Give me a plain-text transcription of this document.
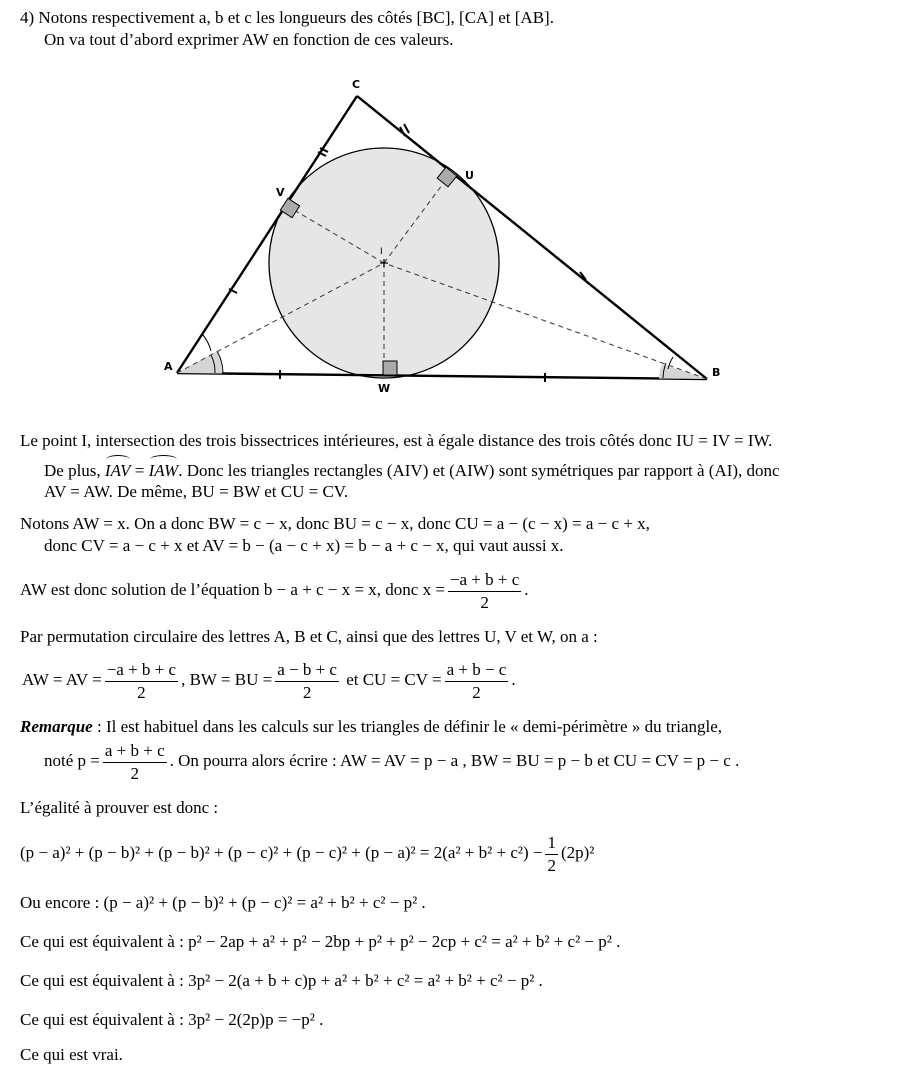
4) Notons respectivement a, b et c les longueurs des côtés [BC], [CA] et [AB].
On va tout d’abord exprimer AW en fonction de ces valeurs.
C
U
V
I
A
W
B
Le point I, intersection des trois bissectrices intérieures, est à égale distance des trois côtés donc IU = IV = IW.
De plus, IAV = IAW. Donc les triangles rectangles (AIV) et (AIW) sont symétriques par rapport à (AI), donc
AV = AW. De même, BU = BW et CU = CV.
Notons AW = x. On a donc BW = c − x, donc BU = c − x, donc CU = a − (c − x) = a − c + x,
donc CV = a − c + x et AV = b − (a − c + x) = b − a + c − x, qui vaut aussi x.
AW est donc solution de l’équation b − a + c − x = x, donc $x = \frac{-a + b + c}{2}$ .
Par permutation circulaire des lettres A, B et C, ainsi que des lettres U, V et W, on a :
AW = AV = $\frac{-a + b + c}{2}$ , BW = BU = $\frac{a - b + c}{2}$ et CU = CV = $\frac{a + b - c}{2}$ .
Remarque : Il est habituel dans les calculs sur les triangles de définir le « demi-périmètre » du triangle,
noté $p = \frac{a + b + c}{2}$ . On pourra alors écrire : AW = AV = p − a , BW = BU = p − b et CU = CV = p − c .
L’égalité à prouver est donc :
$(p - a)^2 + (p - b)^2 + (p - b)^2 + (p - c)^2 + (p - c)^2 + (p - a)^2 = 2(a^2 + b^2 + c^2) - \frac{1}{2} (2p)^2$
Ou encore : (p − a)² + (p − b)² + (p − c)² = a² + b² + c² − p² .
Ce qui est équivalent à : p² − 2ap + a² + p² − 2bp + p² + p² − 2cp + c² = a² + b² + c² − p² .
Ce qui est équivalent à : 3p² − 2(a + b + c)p + a² + b² + c² = a² + b² + c² − p² .
Ce qui est équivalent à : 3p² − 2(2p)p = −p² .
Ce qui est vrai.
